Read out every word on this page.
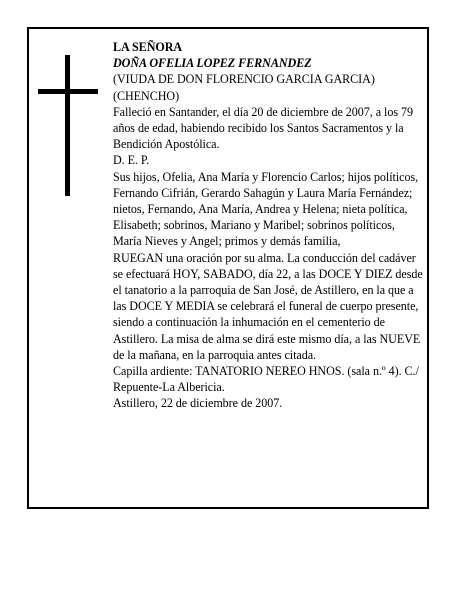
LA SEÑORA

DOÑA OFELIA LOPEZ FERNANDEZ

(VIUDA DE DON FLORENCIO GARCIA GARCIA)

(CHENCHO)

Falleció en Santander, el día 20 de diciembre de 2007, a los 79 años de edad, habiendo recibido los Santos Sacramentos y la Bendición Apostólica.

D. E. P.

Sus hijos, Ofelia, Ana María y Florencio Carlos; hijos políticos, Fernando Cifrián, Gerardo Sahagún y Laura María Fernández; nietos, Fernando, Ana María, Andrea y Helena; nieta política, Elisabeth; sobrinos, Mariano y Maribel; sobrinos políticos, María Nieves y Angel; primos y demás familia,

RUEGAN una oración por su alma. La conducción del cadáver se efectuará HOY, SABADO, día 22, a las DOCE Y DIEZ desde el tanatorio a la parroquia de San José, de Astillero, en la que a las DOCE Y MEDIA se celebrará el funeral de cuerpo presente, siendo a continuación la inhumación en el cementerio de Astillero. La misa de alma se dirá este mismo día, a las NUEVE de la mañana, en la parroquia antes citada.

Capilla ardiente: TANATORIO NEREO HNOS. (sala n.º 4). C./ Repuente-La Albericia.

Astillero, 22 de diciembre de 2007.
